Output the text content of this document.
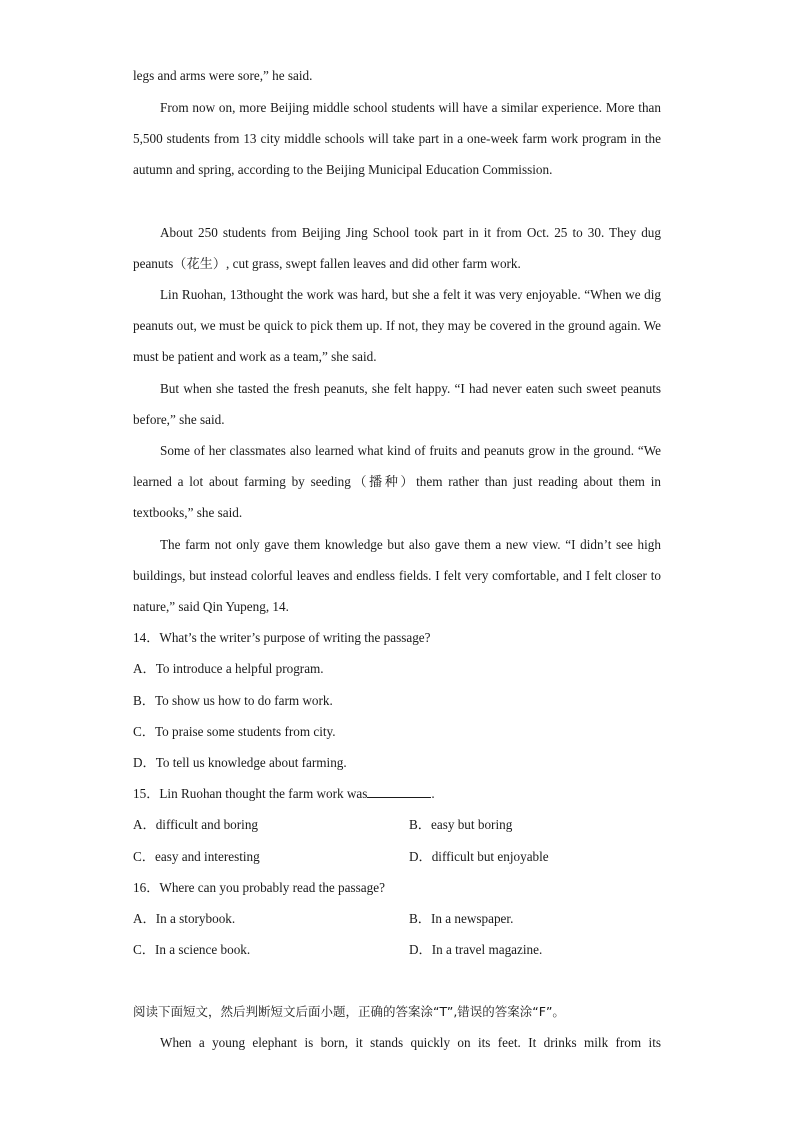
legs and arms were sore,” he said.

From now on, more Beijing middle school students will have a similar experience. More than 5,500 students from 13 city middle schools will take part in a one-week farm work program in the autumn and spring, according to the Beijing Municipal Education Commission.

About 250 students from Beijing Jing School took part in it from Oct. 25 to 30. They dug peanuts（花生）, cut grass, swept fallen leaves and did other farm work.

Lin Ruohan, 13thought the work was hard, but she a felt it was very enjoyable. “When we dig peanuts out, we must be quick to pick them up. If not, they may be covered in the ground again. We must be patient and work as a team,” she said.

But when she tasted the fresh peanuts, she felt happy. “I had never eaten such sweet peanuts before,” she said.

Some of her classmates also learned what kind of fruits and peanuts grow in the ground. “We learned a lot about farming by seeding（播种）them rather than just reading about them in textbooks,” she said.

The farm not only gave them knowledge but also gave them a new view. “I didn’t see high buildings, but instead colorful leaves and endless fields. I felt very comfortable, and I felt closer to nature,” said Qin Yupeng, 14.

14．What’s the writer’s purpose of writing the passage?
A．To introduce a helpful program.
B．To show us how to do farm work.
C．To praise some students from city.
D．To tell us knowledge about farming.
15．Lin Ruohan thought the farm work was	.
A．difficult and boring	B．easy but boring
C．easy and interesting	D．difficult but enjoyable
16．Where can you probably read the passage?
A．In a storybook.	B．In a newspaper.
C．In a science book.	D．In a travel magazine.
阅读下面短文，然后判断短文后面小题，正确的答案涂“T”,错误的答案涂“F”。

When a young elephant is born, it stands quickly on its feet. It drinks milk from its
